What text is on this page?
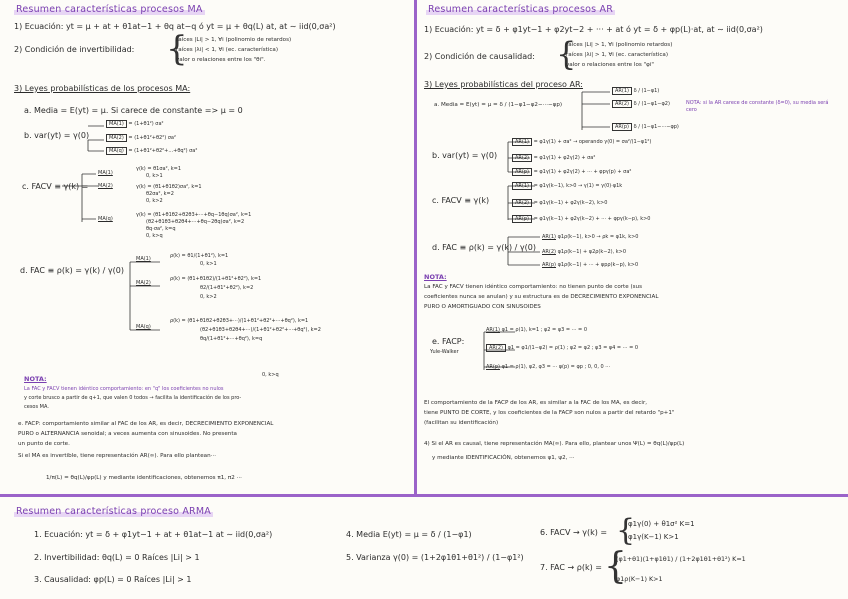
Resumen características procesos MA
1) Ecuación: yt = μ + at + θ1at−1 + θq at−q ó yt = μ + θq(L) at, at ∼ iid(0,σa²)
2) Condición de invertibilidad: {
raíces |Li| > 1, ∀i (polinomio de retardos)
raíces |λi| < 1, ∀i (ec. característica)
valor o relaciones entre los "θi".
3) Leyes probabilísticas de los procesos MA:
a. Media = E(yt) = μ. Si carece de constante => μ = 0
b. var(yt) = γ(0)
MA(1) = (1+θ1²) σa²
MA(2) = (1+θ1²+θ2²) σa²
MA(q) = (1+θ1²+θ2²+...+θq²) σa²
c. FACV ≡ γ(k) =
MA(1)
γ(k) = θ1σa², k=1
0, k>1
MA(2)	γ(k) = (θ1+θ1θ2)σa², k=1
θ2σa², k=2
0, k>2
MA(q)
γ(k) = (θ1+θ1θ2+θ2θ3+···+θq−1θq)σa², k=1
(θ2+θ1θ3+θ2θ4+···+θq−2θq)σa², k=2
θq·σa², k=q
0, k>q
d. FAC ≡ ρ(k) = γ(k) / γ(0)
MA(1)	ρ(k) = θ1/(1+θ1²), k=1
0, k>1
MA(2)
ρ(k) = (θ1+θ1θ2)/(1+θ1²+θ2²), k=1
θ2/(1+θ1²+θ2²), k=2
0, k>2
MA(q)
ρ(k) = (θ1+θ1θ2+θ2θ3+···)/(1+θ1²+θ2²+···+θq²), k=1
(θ2+θ1θ3+θ2θ4+···)/(1+θ1²+θ2²+···+θq²), k=2
θq/(1+θ1²+···+θq²), k=q
0, k>q
NOTA:
La FAC y FACV tienen idéntico comportamiento: en "q" los coeficientes no nulos
y corte brusco a partir de q+1, que valen 0 todos → facilita la identificación de los pro-
cesos MA.
e. FACP: comportamiento similar al FAC de los AR, es decir, DECRECIMIENTO EXPONENCIAL
PURO o ALTERNANCIA senoidal; a veces aumenta con sinusoides. No presenta
un punto de corte.
Si el MA es invertible, tiene representación AR(∞). Para ello plantean···
1/π(L) = θq(L)/φp(L) y mediante identificaciones, obtenemos π1, π2 ···
Resumen características procesos AR
1) Ecuación: yt = δ + φ1yt−1 + φ2yt−2 + ··· + at ó yt = δ + φp(L)·at, at ∼ iid(0,σa²)
2) Condición de causalidad: {
raíces |Li| > 1, ∀i (polinomio retardos)
raíces |λi| > 1, ∀i (ec. característica)
valor o relaciones entre los "φi"
3) Leyes probabilísticas del proceso AR:
a. Media = E(yt) = μ = δ / (1−φ1−φ2−···−φp)
AR(1) δ / (1−φ1)
AR(2) δ / (1−φ1−φ2)
AR(p) δ / (1−φ1−···−φp)
NOTA: si la AR carece de constante (δ=0), su media será cero
b. var(yt) = γ(0)
AR(1) = φ1γ(1) + σa² → operando γ(0) = σa²/(1−φ1²)
AR(2) = φ1γ(1) + φ2γ(2) + σa²
AR(p) = φ1γ(1) + φ2γ(2) + ··· + φpγ(p) + σa²
c. FACV ≡ γ(k)
AR(1) = φ1γ(k−1), k>0 → γ(1) = γ(0)·φ1k
AR(2) = φ1γ(k−1) + φ2γ(k−2), k>0
AR(p) = φ1γ(k−1) + φ2γ(k−2) + ··· + φpγ(k−p), k>0
d. FAC ≡ ρ(k) = γ(k) / γ(0)
AR(1) φ1ρ(k−1), k>0 → ρk = φ1k, k>0
AR(2) φ1ρ(k−1) + φ2ρ(k−2), k>0
AR(p) φ1ρ(k−1) + ··· + φpρ(k−p), k>0
NOTA:
La FAC y FACV tienen idéntico comportamiento: no tienen punto de corte (sus
coeficientes nunca se anulan) y su estructura es de DECRECIMIENTO EXPONENCIAL
PURO O AMORTIGUADO CON SINUSOIDES
e. FACP:
Yule-Walker
AR(1) φ1 = ρ(1), k=1 ; φ2 = φ3 = ··· = 0
AR(2) φ1 = φ1/(1−φ2) = ρ(1) ; φ2 = φ2 ; φ3 = φ4 = ··· = 0
AR(p) φ1 = ρ(1), φ2, φ3 = ··· φ(p) = φp ; 0, 0, 0 ···
El comportamiento de la FACP de los AR, es similar a la FAC de los MA, es decir,
tiene PUNTO DE CORTE, y los coeficientes de la FACP son nulos a partir del retardo "p+1"
(facilitan su identificación)
4) Si el AR es causal, tiene representación MA(∞). Para ello, plantear unos Ψ(L) = θq(L)/φp(L)
y mediante IDENTIFICACIÓN, obtenemos ψ1, ψ2, ···
Resumen características proceso ARMA
1. Ecuación: yt = δ + φ1yt−1 + at + θ1at−1 at ∼ iid(0,σa²)
2. Invertibilidad: θq(L) = 0 Raíces |Li| > 1
3. Causalidad: φp(L) = 0 Raíces |Li| > 1
4. Media E(yt) = μ = δ / (1−φ1)
5. Varianza γ(0) = (1+2φ1θ1+θ1²) / (1−φ1²)
6. FACV → γ(k) = {
φ1γ(0) + θ1σ² K=1
φ1γ(K−1) K>1
7. FAC → ρ(k) = {
(φ1+θ1)(1+φ1θ1) / (1+2φ1θ1+θ1²) K=1
φ1ρ(K−1) K>1
